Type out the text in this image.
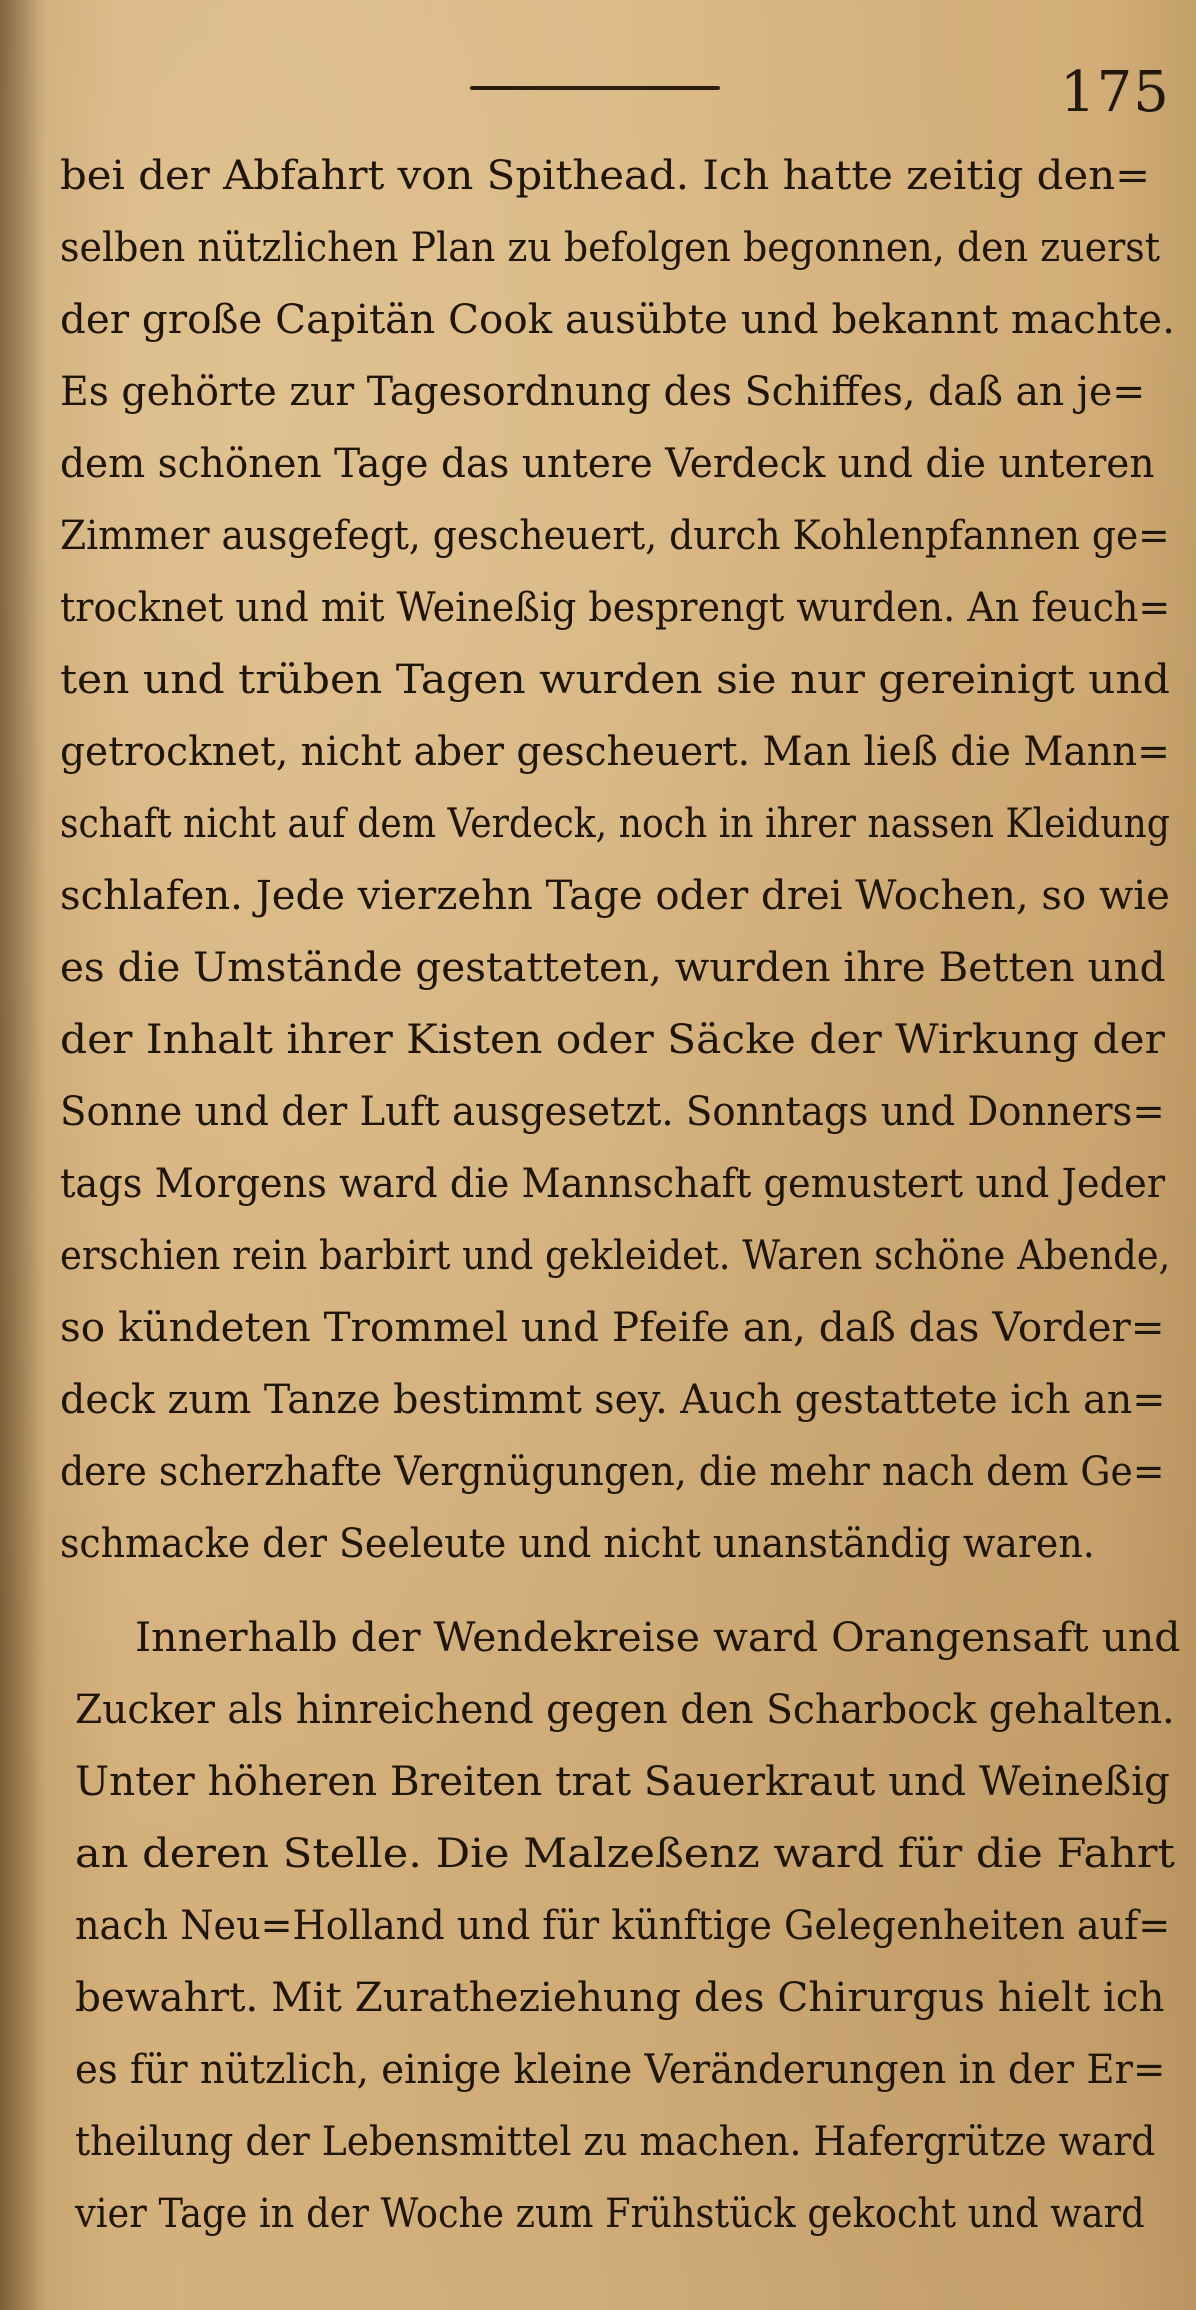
175
bei der Abfahrt von Spithead. Ich hatte zeitig den=
selben nützlichen Plan zu befolgen begonnen, den zuerst
der große Capitän Cook ausübte und bekannt machte.
Es gehörte zur Tagesordnung des Schiffes, daß an je=
dem schönen Tage das untere Verdeck und die unteren
Zimmer ausgefegt, gescheuert, durch Kohlenpfannen ge=
trocknet und mit Weineßig besprengt wurden. An feuch=
ten und trüben Tagen wurden sie nur gereinigt und
getrocknet, nicht aber gescheuert. Man ließ die Mann=
schaft nicht auf dem Verdeck, noch in ihrer nassen Kleidung
schlafen. Jede vierzehn Tage oder drei Wochen, so wie
es die Umstände gestatteten, wurden ihre Betten und
der Inhalt ihrer Kisten oder Säcke der Wirkung der
Sonne und der Luft ausgesetzt. Sonntags und Donners=
tags Morgens ward die Mannschaft gemustert und Jeder
erschien rein barbirt und gekleidet. Waren schöne Abende,
so kündeten Trommel und Pfeife an, daß das Vorder=
deck zum Tanze bestimmt sey. Auch gestattete ich an=
dere scherzhafte Vergnügungen, die mehr nach dem Ge=
schmacke der Seeleute und nicht unanständig waren.
Innerhalb der Wendekreise ward Orangensaft und
Zucker als hinreichend gegen den Scharbock gehalten.
Unter höheren Breiten trat Sauerkraut und Weineßig
an deren Stelle. Die Malzeßenz ward für die Fahrt
nach Neu=Holland und für künftige Gelegenheiten auf=
bewahrt. Mit Zuratheziehung des Chirurgus hielt ich
es für nützlich, einige kleine Veränderungen in der Er=
theilung der Lebensmittel zu machen. Hafergrütze ward
vier Tage in der Woche zum Frühstück gekocht und ward
